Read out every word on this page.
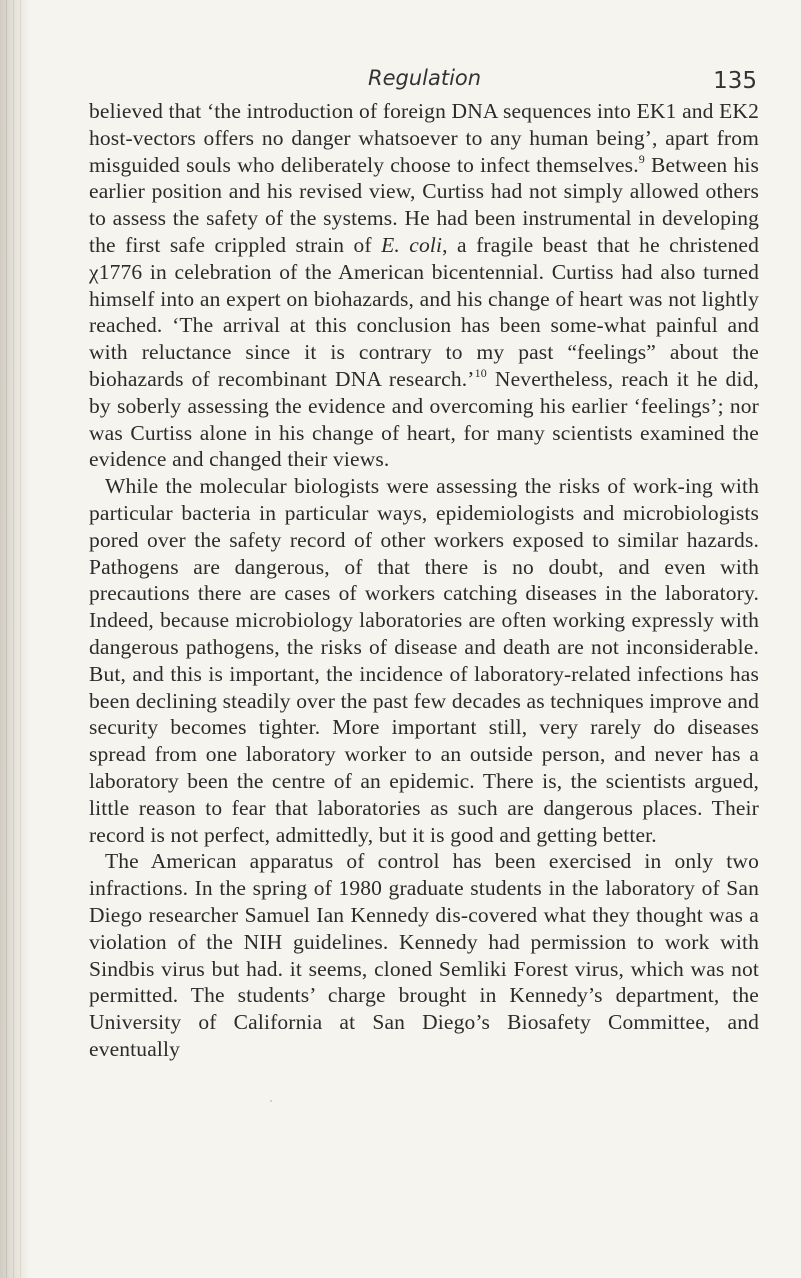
Regulation	135

believed that ‘the introduction of foreign DNA sequences into EK1 and EK2 host-vectors offers no danger whatsoever to any human being’, apart from misguided souls who deliberately choose to infect themselves.$^9$ Between his earlier position and his revised view, Curtiss had not simply allowed others to assess the safety of the systems. He had been instrumental in developing the first safe crippled strain of E. coli, a fragile beast that he christened χ1776 in celebration of the American bicentennial. Curtiss had also turned himself into an expert on biohazards, and his change of heart was not lightly reached. ‘The arrival at this conclusion has been some-what painful and with reluctance since it is contrary to my past “feelings” about the biohazards of recombinant DNA research.’$^{10}$ Nevertheless, reach it he did, by soberly assessing the evidence and overcoming his earlier ‘feelings’; nor was Curtiss alone in his change of heart, for many scientists examined the evidence and changed their views.

While the molecular biologists were assessing the risks of work-ing with particular bacteria in particular ways, epidemiologists and microbiologists pored over the safety record of other workers exposed to similar hazards. Pathogens are dangerous, of that there is no doubt, and even with precautions there are cases of workers catching diseases in the laboratory. Indeed, because microbiology laboratories are often working expressly with dangerous pathogens, the risks of disease and death are not inconsiderable. But, and this is important, the incidence of laboratory-related infections has been declining steadily over the past few decades as techniques improve and security becomes tighter. More important still, very rarely do diseases spread from one laboratory worker to an outside person, and never has a laboratory been the centre of an epidemic. There is, the scientists argued, little reason to fear that laboratories as such are dangerous places. Their record is not perfect, admittedly, but it is good and getting better.

The American apparatus of control has been exercised in only two infractions. In the spring of 1980 graduate students in the laboratory of San Diego researcher Samuel Ian Kennedy dis-covered what they thought was a violation of the NIH guidelines. Kennedy had permission to work with Sindbis virus but had. it seems, cloned Semliki Forest virus, which was not permitted. The students’ charge brought in Kennedy’s department, the University of California at San Diego’s Biosafety Committee, and eventually
